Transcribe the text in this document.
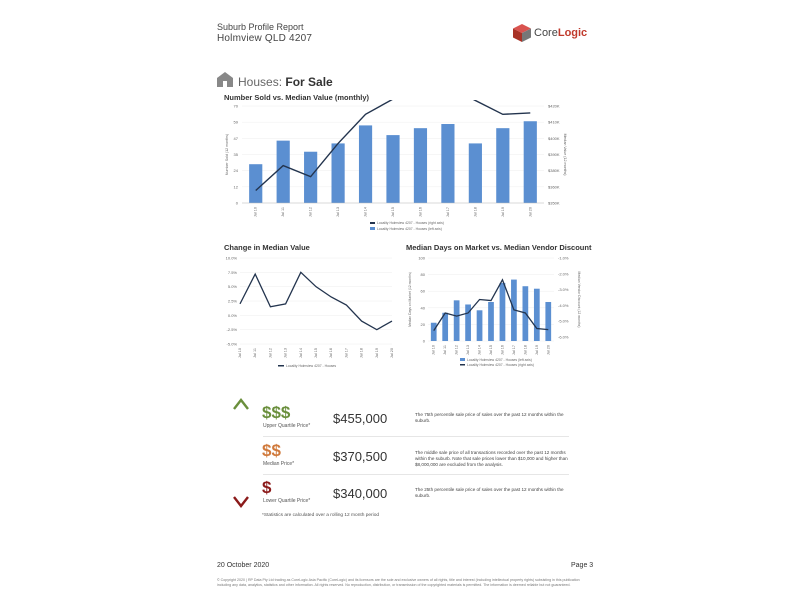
Suburb Profile Report
Holmview QLD 4207	CoreLogic
Houses: For Sale
Number Sold vs. Median Value (monthly)
0
12
24
35
47
59
70
$350K
$360K
$380K
$390K
$400K
$410K
$420K
Number Sold (12 months)	Median Value (12 months)
Jul 10	Jul 11	Jul 12	Jul 13	Jul 14	Jul 15	Jul 16	Jul 17	Jul 18	Jul 19	Jul 20
Locality Holmview 4207 - Houses (right axis)
Locality Holmview 4207 - Houses (left axis)
Change in Median Value
10.0%
7.5%
5.0%
2.5%
0.0%
-2.5%
-5.0%
Jul 10	Jul 11	Jul 12	Jul 13	Jul 14	Jul 15	Jul 16	Jul 17	Jul 18	Jul 19	Jul 20
Locality Holmview 4207 - Houses
Median Days on Market vs. Median Vendor Discount
0
20
40
60
80
100	-1.0%
-2.0%
-3.0%
-4.0%
-5.0%
-6.0%
Median Days on Market (12 months)	Median Vendor Discount (12 months)
Jul 10 Jul 11 Jul 12 Jul 13 Jul 14 Jul 15 Jul 16 Jul 17 Jul 18 Jul 19 Jul 20
Locality Holmview 4207 - Houses (left axis)
Locality Holmview 4207 - Houses (right axis)
$$$
Upper Quartile Price* $455,000	The 75th percentile sale price of sales over the past 12 months within the suburb.
$$
Median Price*	$370,500	The middle sale price of all transactions recorded over the past 12 months within the suburb. Note that sale prices lower than $10,000 and higher than $8,000,000 are excluded from the analysis.
$
Lower Quartile Price* $340,000	The 25th percentile sale price of sales over the past 12 months within the suburb.
*Statistics are calculated over a rolling 12 month period
20 October 2020	Page 3
© Copyright 2020 | RP Data Pty Ltd trading as CoreLogic Asia Pacific (CoreLogic) and its licensors are the sole and exclusive owners of all rights, title and interest (including intellectual property rights) subsisting in this publication including any data, analytics, statistics and other information. All rights reserved. No reproduction, distribution, or transmission of the copyrighted materials is permitted. The information is deemed reliable but not guaranteed.
